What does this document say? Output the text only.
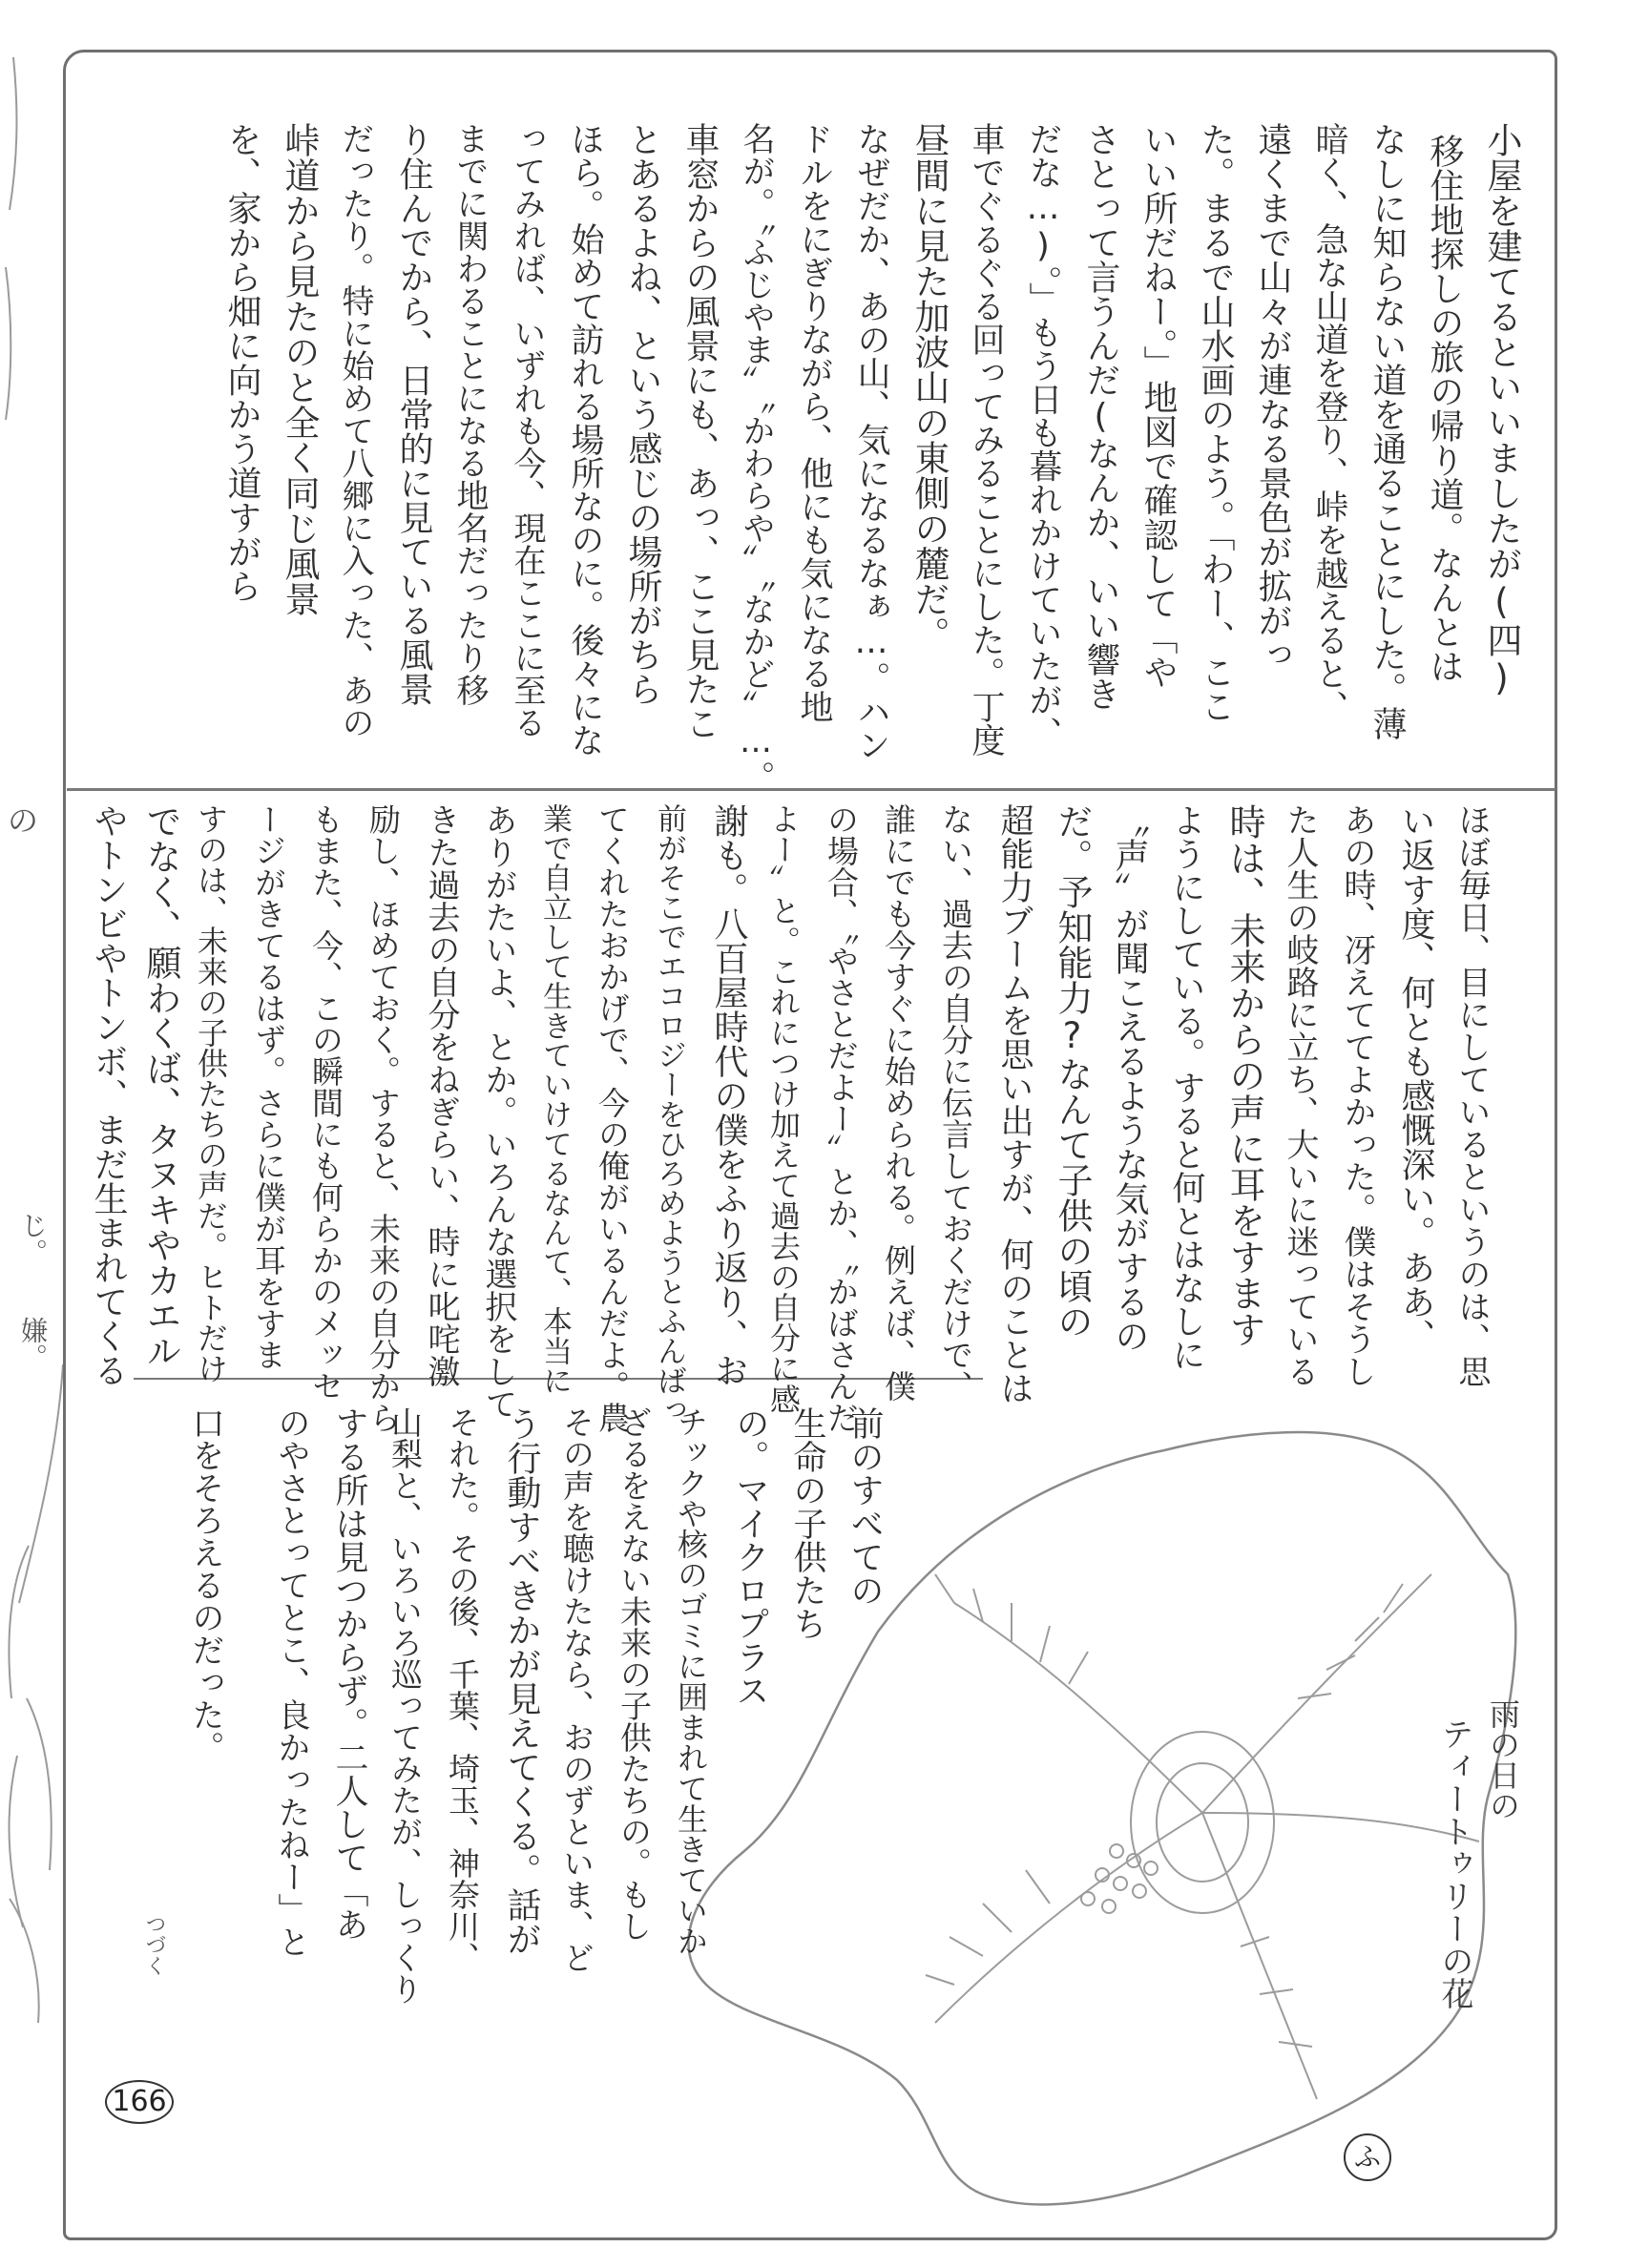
小屋を建てるといいましたが(四)
移住地探しの旅の帰り道。なんとは
なしに知らない道を通ることにした。薄
暗く、急な山道を登り、峠を越えると、
遠くまで山々が連なる景色が拡がっ
た。まるで山水画のよう。「わー、ここ
いい所だねー。」地図で確認して「や
さとって言うんだ(なんか、いい響き
だな…)。」もう日も暮れかけていたが、
車でぐるぐる回ってみることにした。丁度
昼間に見た加波山の東側の麓だ。
なぜだか、あの山、気になるなぁ…。ハン
ドルをにぎりながら、他にも気になる地
名が。〝ふじやま〟〝かわらや〟〝なかど〟…。
車窓からの風景にも、あっ、ここ見たこ
とあるよね、という感じの場所がちら
ほら。始めて訪れる場所なのに。後々にな
ってみれば、いずれも今、現在ここに至る
までに関わることになる地名だったり移
り住んでから、日常的に見ている風景
だったり。特に始めて八郷に入った、あの
峠道から見たのと全く同じ風景
を、家から畑に向かう道すがら
ほぼ毎日、目にしているというのは、思
い返す度、何とも感慨深い。ああ、
あの時、冴えててよかった。僕はそうし
た人生の岐路に立ち、大いに迷っている
時は、未来からの声に耳をすます
ようにしている。すると何とはなしに
〝声〟が聞こえるような気がするの
だ。予知能力?なんて子供の頃の
超能力ブームを思い出すが、何のことは
ない、過去の自分に伝言しておくだけで、
誰にでも今すぐに始められる。例えば、僕
の場合、〝やさとだよー〟とか、〝かばさんだ
よー〟と。これにつけ加えて過去の自分に感
謝も。八百屋時代の僕をふり返り、お
前がそこでエコロジーをひろめようとふんばっ
てくれたおかげで、今の俺がいるんだよ。農
業で自立して生きていけてるなんて、本当に
ありがたいよ、とか。いろんな選択をして
きた過去の自分をねぎらい、時に叱咤激
励し、ほめておく。すると、未来の自分から
もまた、今、この瞬間にも何らかのメッセ
ージがきてるはず。さらに僕が耳をすま
すのは、未来の子供たちの声だ。ヒトだけ
でなく、願わくば、タヌキやカエル
やトンビやトンボ、まだ生まれてくる
前のすべての
生命の子供たち
の。マイクロプラス
チックや核のゴミに囲まれて生きていか
ざるをえない未来の子供たちの。もし
その声を聴けたなら、おのずといま、ど
う行動すべきかが見えてくる。話が
それた。その後、千葉、埼玉、神奈川、
山梨と、いろいろ巡ってみたが、しっくり
する所は見つからず。二人して「あ
のやさとってとこ、良かったねー」と
口をそろえるのだった。
つづく
雨の日の
ティートゥリーの花
166
ふ
の
じ。
嫌。
